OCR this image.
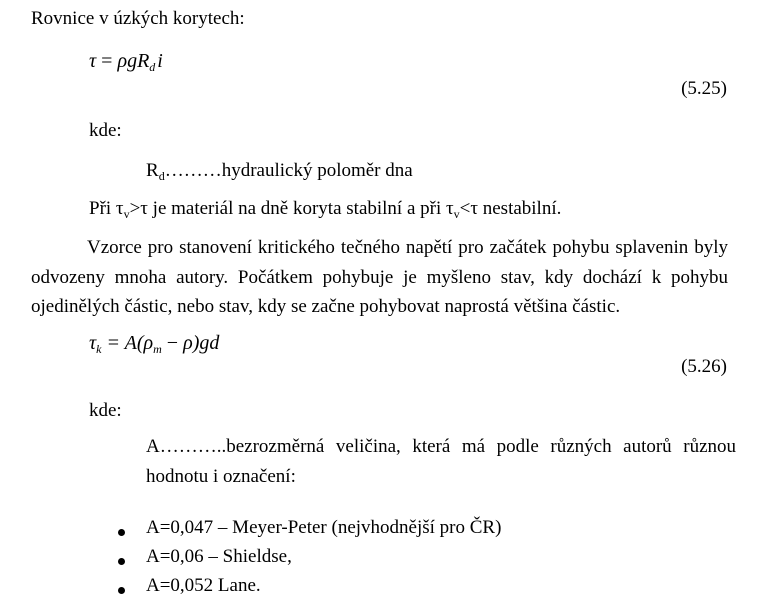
Rovnice v úzkých korytech:
τ = ρgR$_d$ i
(5.25)
kde:
$R_d\dots\dots\dots hydraulický$ poloměr dna
Při $\tau_v>\tau$ je materiál na dně koryta stabilní a při $\tau_v<\tau$ nestabilní.
Vzorce pro stanovení kritického tečného napětí pro začátek pohybu splavenin byly odvozeny mnoha autory. Počátkem pohybuje je myšleno stav, kdy dochází k pohybu ojedinělých částic, nebo stav, kdy se začne pohybovat naprostá většina částic.
$\tau_k = A(\rho_m - \rho)gd$
(5.26)
kde:
A………..bezrozměrná veličina, která má podle různých autorů různou hodnotu i označení:
A=0,047 – Meyer-Peter (nejvhodnější pro ČR)
A=0,06 – Shieldse,
A=0,052 Lane.
